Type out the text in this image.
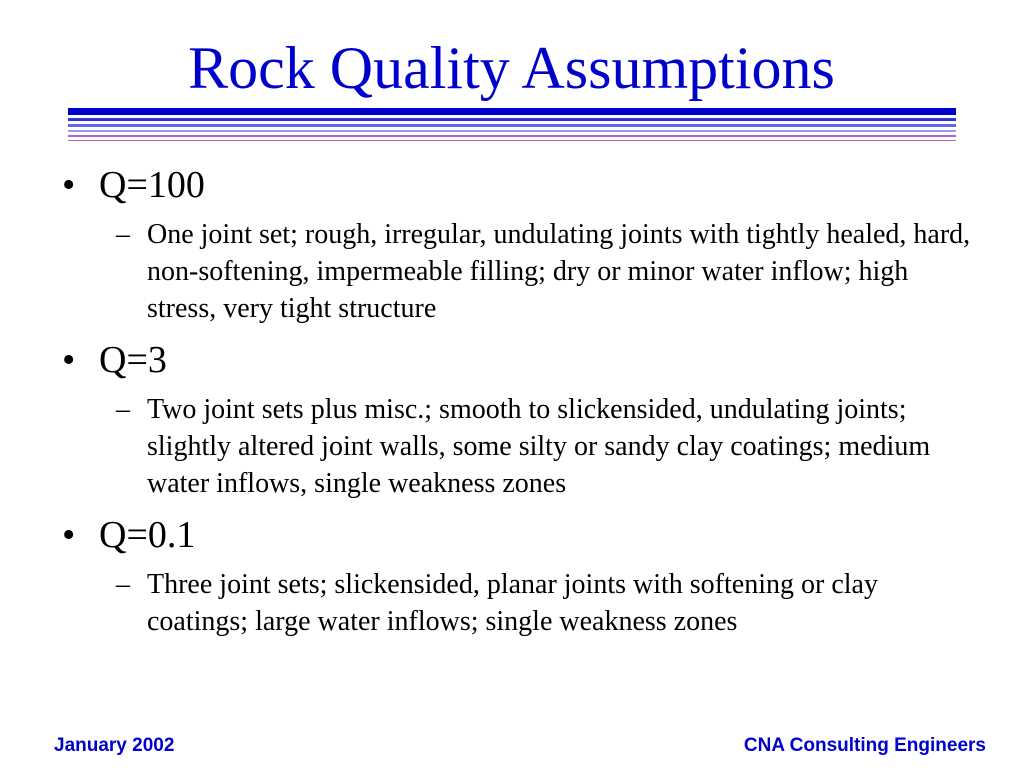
Rock Quality Assumptions
• Q=100
– One joint set; rough, irregular, undulating joints with tightly healed, hard, non-softening, impermeable filling; dry or minor water inflow; high stress, very tight structure
• Q=3
– Two joint sets plus misc.; smooth to slickensided, undulating joints; slightly altered joint walls, some silty or sandy clay coatings; medium water inflows, single weakness zones
• Q=0.1
– Three joint sets; slickensided, planar joints with softening or clay coatings; large water inflows; single weakness zones
January 2002	CNA Consulting Engineers
